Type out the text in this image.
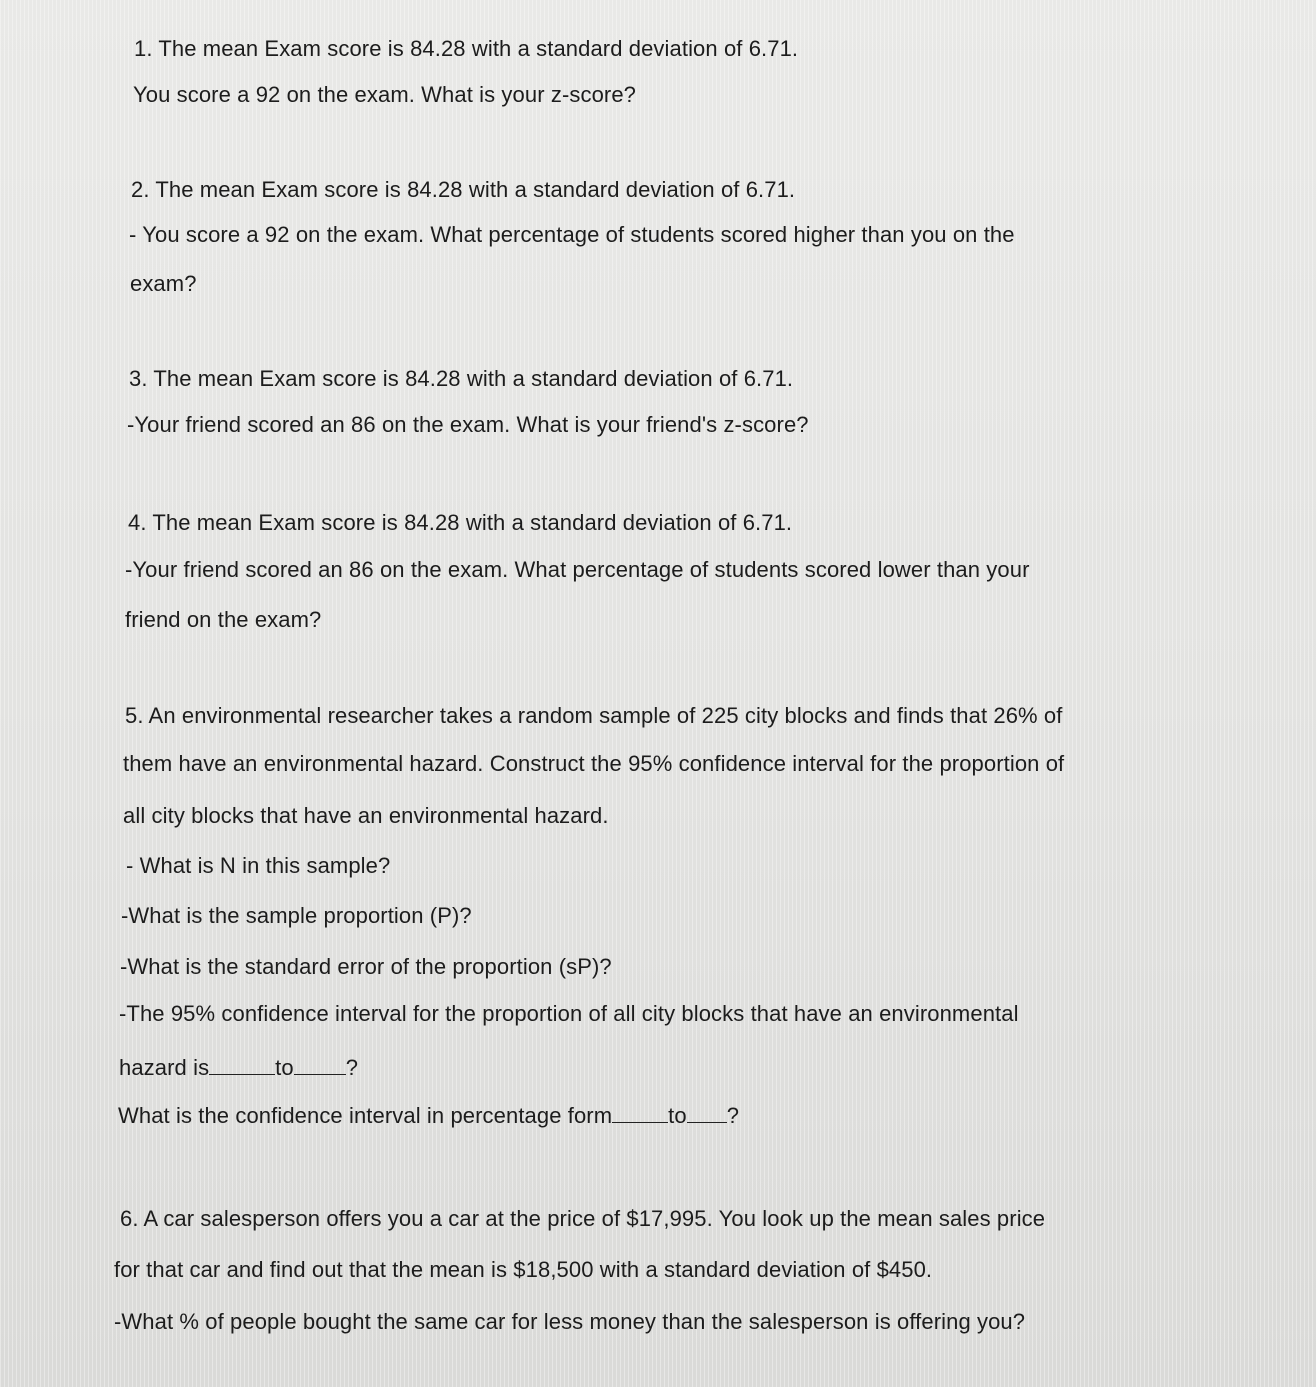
1. The mean Exam score is 84.28 with a standard deviation of 6.71.
You score a 92 on the exam. What is your z-score?
2. The mean Exam score is 84.28 with a standard deviation of 6.71.
- You score a 92 on the exam. What percentage of students scored higher than you on the
exam?
3. The mean Exam score is 84.28 with a standard deviation of 6.71.
-Your friend scored an 86 on the exam. What is your friend's z-score?
4. The mean Exam score is 84.28 with a standard deviation of 6.71.
-Your friend scored an 86 on the exam. What percentage of students scored lower than your
friend on the exam?
5. An environmental researcher takes a random sample of 225 city blocks and finds that 26% of
them have an environmental hazard. Construct the 95% confidence interval for the proportion of
all city blocks that have an environmental hazard.
- What is N in this sample?
-What is the sample proportion (P)?
-What is the standard error of the proportion (sP)?
-The 95% confidence interval for the proportion of all city blocks that have an environmental
hazard is	to ?
What is the confidence interval in percentage form	to ?
6. A car salesperson offers you a car at the price of $17,995. You look up the mean sales price
for that car and find out that the mean is $18,500 with a standard deviation of $450.
-What % of people bought the same car for less money than the salesperson is offering you?
